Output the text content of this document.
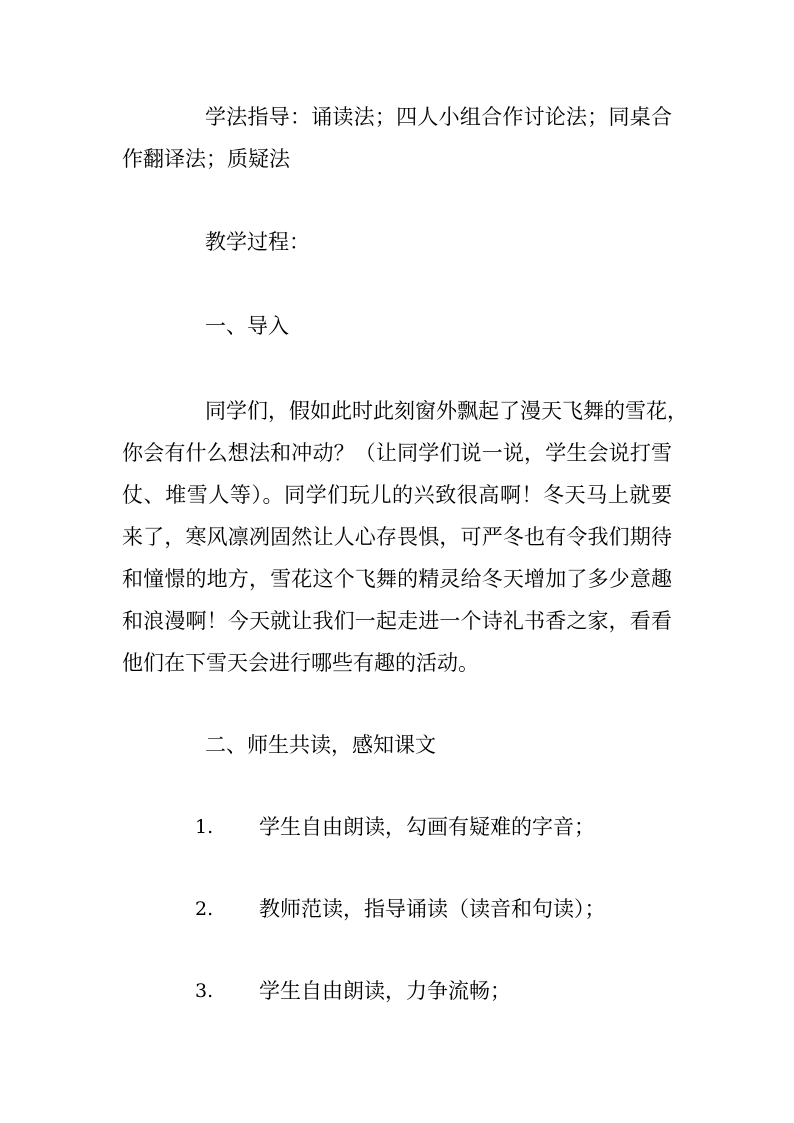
学法指导：诵读法；四人小组合作讨论法；同桌合
作翻译法；质疑法
教学过程：
一、导入
同学们，假如此时此刻窗外飘起了漫天飞舞的雪花，
你会有什么想法和冲动？（让同学们说一说，学生会说打雪
仗、堆雪人等）。同学们玩儿的兴致很高啊！冬天马上就要
来了，寒风凛冽固然让人心存畏惧，可严冬也有令我们期待
和憧憬的地方，雪花这个飞舞的精灵给冬天增加了多少意趣
和浪漫啊！今天就让我们一起走进一个诗礼书香之家，看看
他们在下雪天会进行哪些有趣的活动。
二、师生共读，感知课文
1. 学生自由朗读，勾画有疑难的字音；
2. 教师范读，指导诵读（读音和句读）；
3. 学生自由朗读，力争流畅；
